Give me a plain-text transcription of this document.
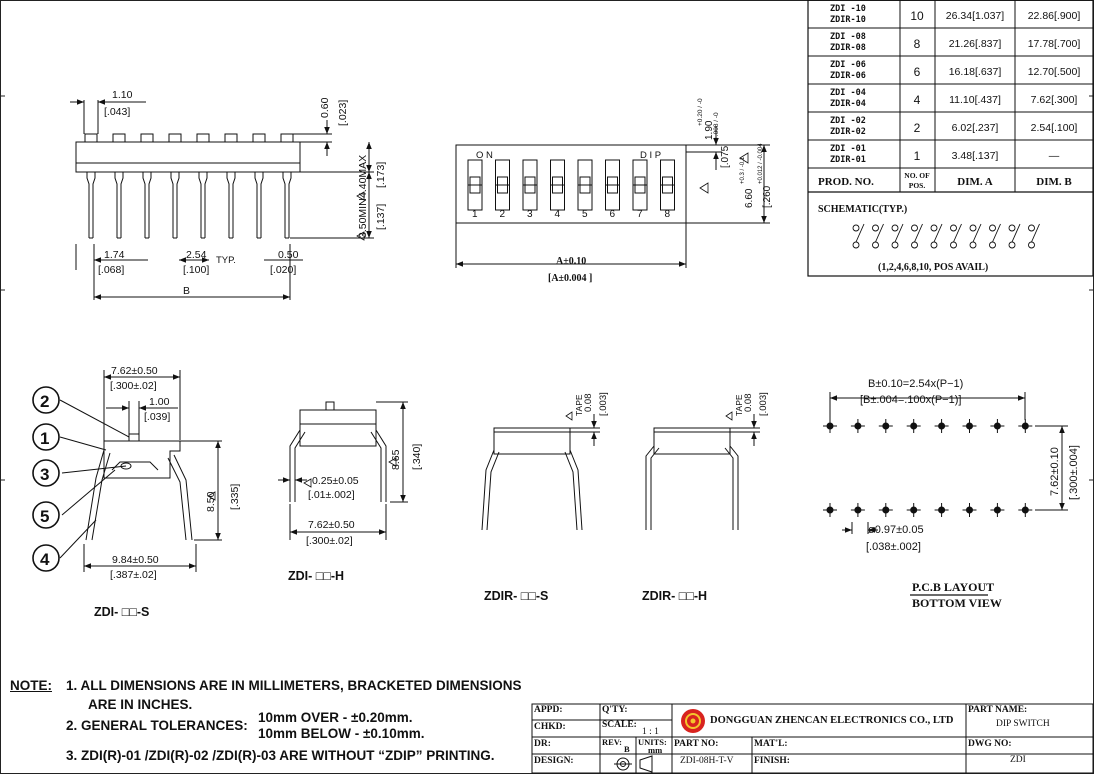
1.10
[.043]
1.74
[.068]
2.54 TYP.
[.100]
0.50
[.020]
B
0.60 [.023]
4.40MAX [.173]
3.50MIN [.137]
O N	D I P
1 2 3 4 5 6 7 8
A±0.10
[A±0.004 ]
1.90
+0.20 / -0
[.075
+.008 / -0
6.60
+0.3 / -0.1
[.260
+0.012 / -0.004
ZDI -10
ZDIR-10	10 26.34[1.037] 22.86[.900]
ZDI -08
ZDIR-08	8	21.26[.837]	17.78[.700]
ZDI -06
ZDIR-06	6	16.18[.637]	12.70[.500]
ZDI -04
ZDIR-04	4	11.10[.437]	7.62[.300]
ZDI -02
ZDIR-02	2	6.02[.237]	2.54[.100]
ZDI -01
ZDIR-01	1	3.48[.137]	—
PROD. NO.
NO. OF
POS.	DIM. A	DIM. B
SCHEMATIC(TYP.)
(1,2,4,6,8,10, POS AVAIL)
2
1
3
5
4
7.62±0.50
[.300±.02]
1.00
[.039]
8.50 [.335]
9.84±0.50
[.387±.02]
ZDI- □□-S
8.65 [.340]
0.25±0.05
[.01±.002]
7.62±0.50
[.300±.02]
ZDI- □□-H
TAPE 0.08 [.003]
ZDIR- □□-S
TAPE 0.08 [.003]
ZDIR- □□-H
B±0.10=2.54x(P−1)
[B±.004=.100x(P−1)]
7.62±0.10 [.300±.004]
ø0.97±0.05
[.038±.002]
P.C.B LAYOUT
BOTTOM VIEW
NOTE: 1. ALL DIMENSIONS ARE IN MILLIMETERS, BRACKETED DIMENSIONS
ARE IN INCHES.
2. GENERAL TOLERANCES:
10mm OVER - ±0.20mm.
10mm BELOW - ±0.10mm.
3. ZDI(R)-01 /ZDI(R)-02 /ZDI(R)-03 ARE WITHOUT “ZDIP” PRINTING.
APPD:	Q'TY:
CHKD:	SCALE:
1 : 1
DR:	REV:
B
UNITS:
mm
DESIGN:
DONGGUAN ZHENCAN ELECTRONICS CO., LTD
PART NO:
ZDI-08H-T-V
MAT'L:
FINISH:
PART NAME:
DIP SWITCH
DWG NO:
ZDI
